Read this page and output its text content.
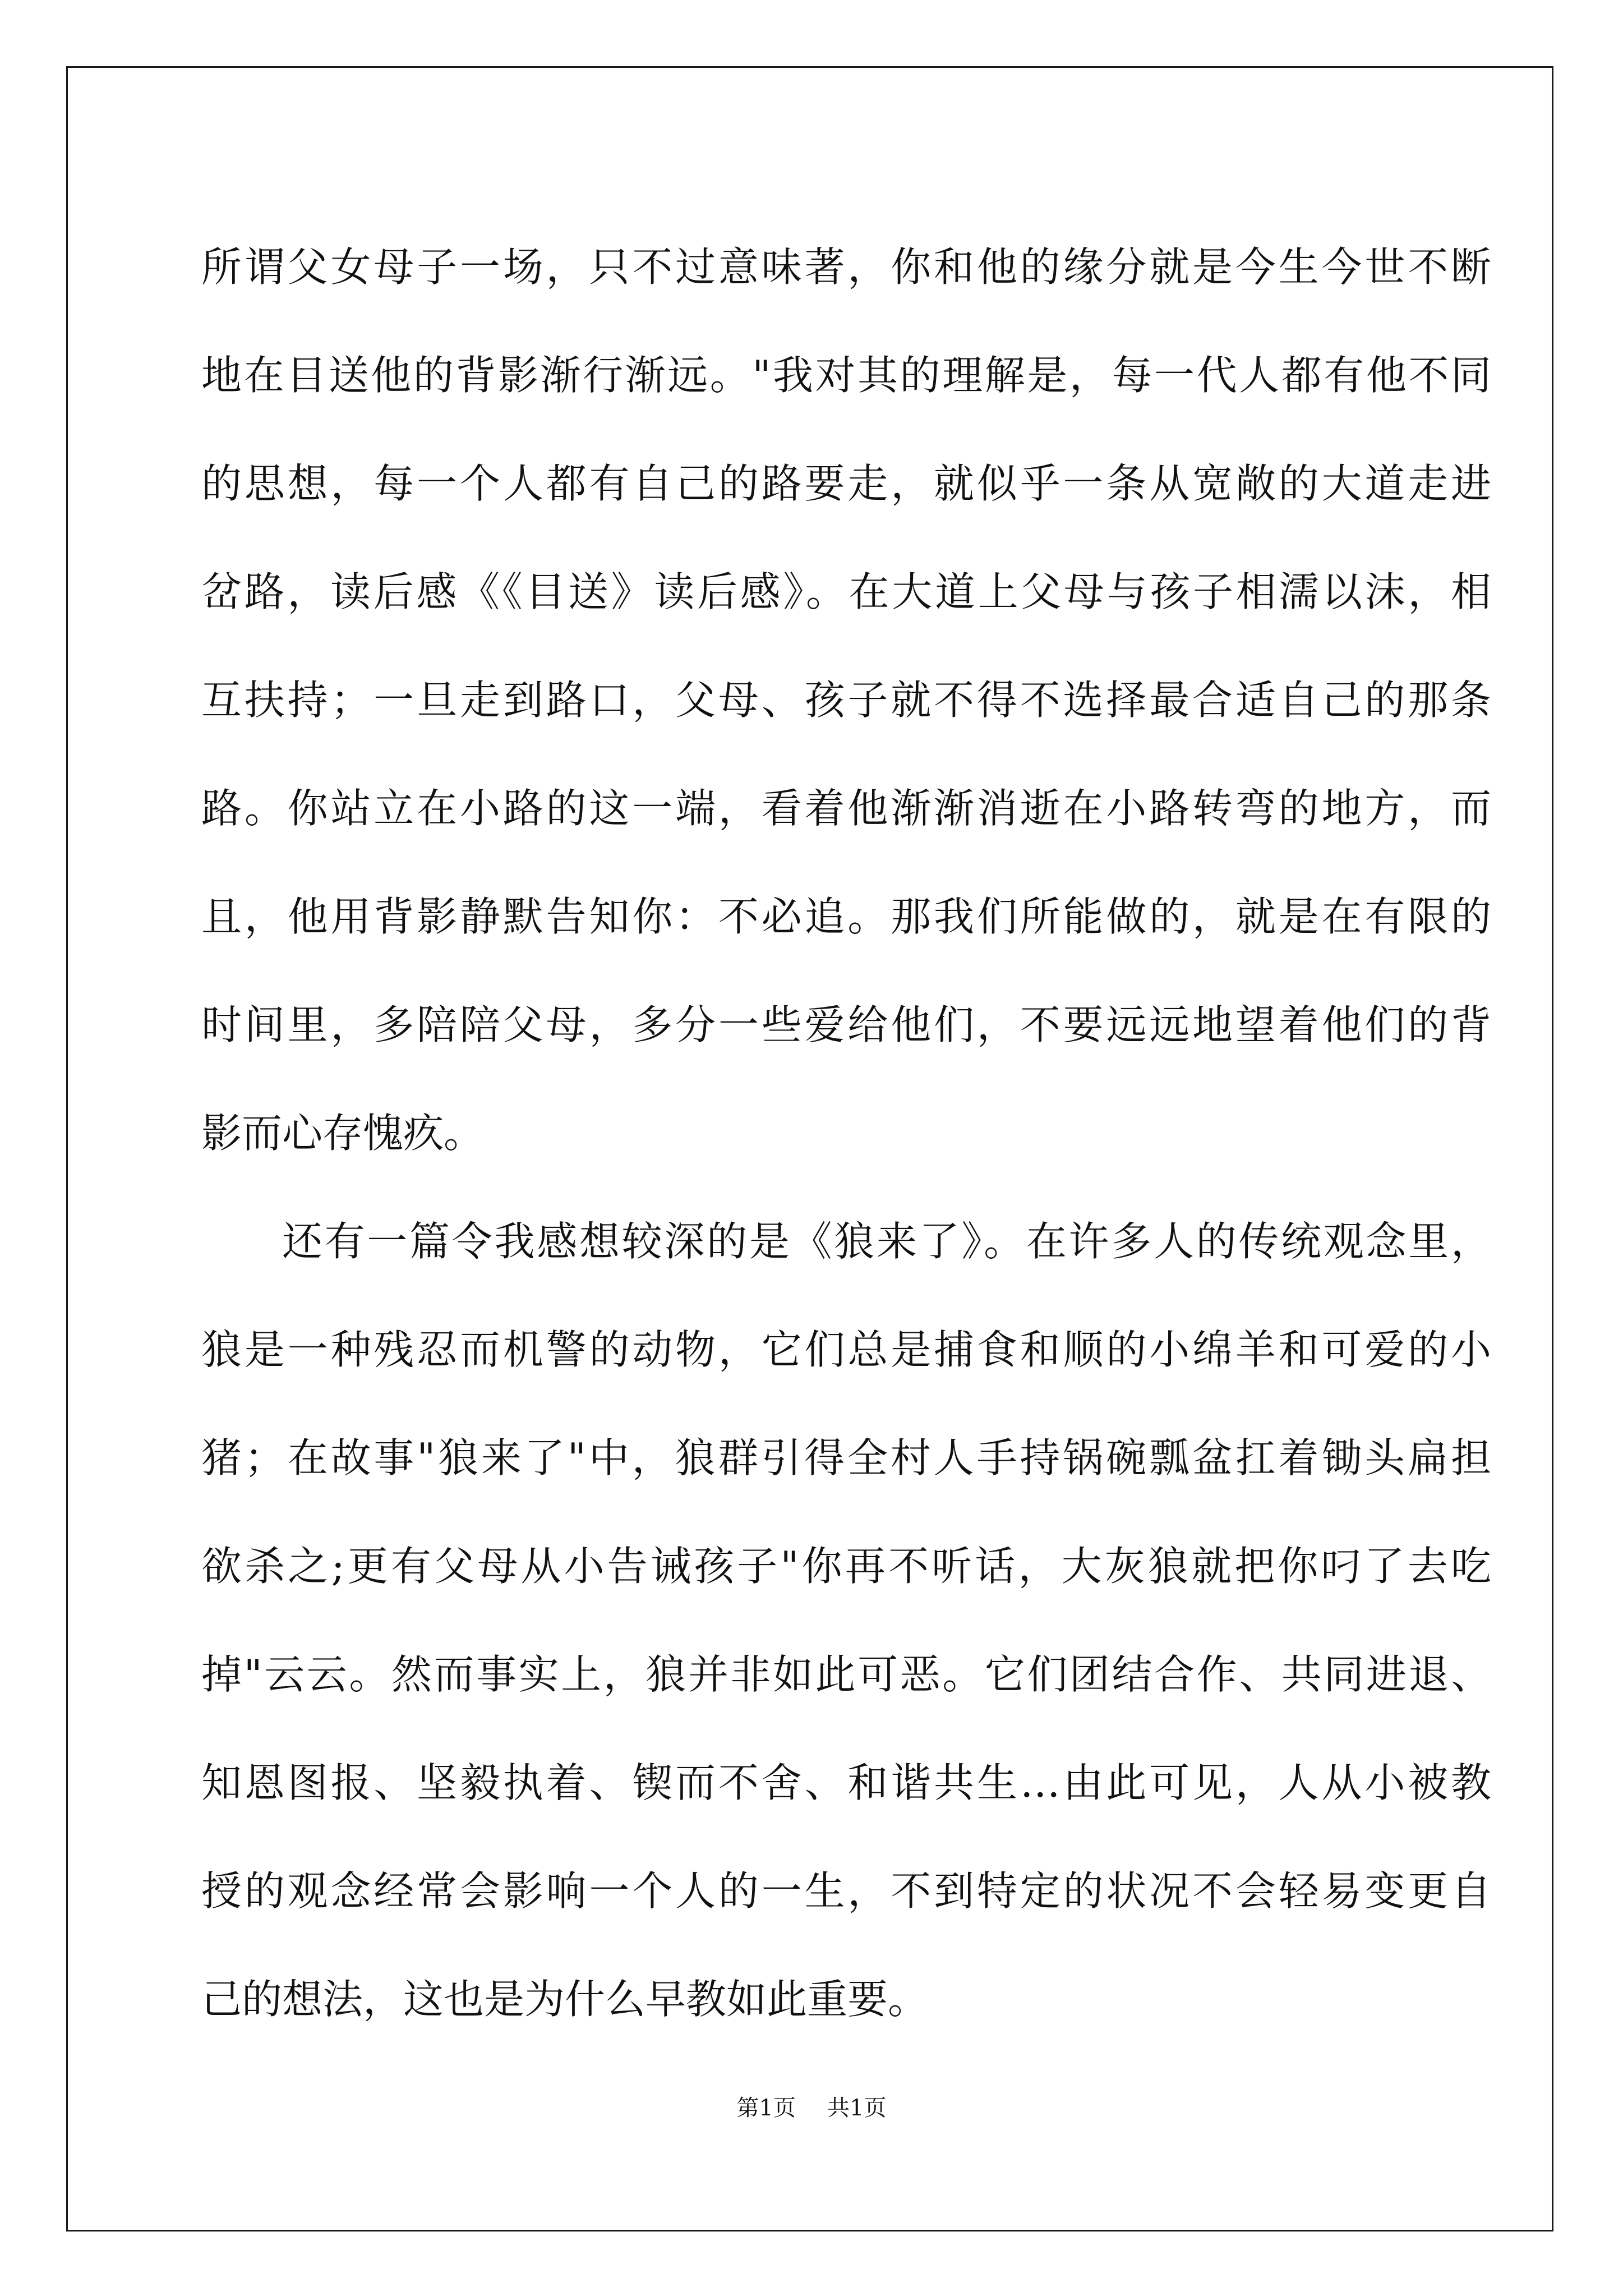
所谓父女母子一场，只不过意味著，你和他的缘分就是今生今世不断
地在目送他的背影渐行渐远。"我对其的理解是，每一代人都有他不同
的思想，每一个人都有自己的路要走，就似乎一条从宽敞的大道走进
岔路，读后感《《目送》读后感》。在大道上父母与孩子相濡以沫，相
互扶持；一旦走到路口，父母、孩子就不得不选择最合适自己的那条
路。你站立在小路的这一端，看着他渐渐消逝在小路转弯的地方，而
且，他用背影静默告知你：不必追。那我们所能做的，就是在有限的
时间里，多陪陪父母，多分一些爱给他们，不要远远地望着他们的背
影而心存愧疚。
还有一篇令我感想较深的是《狼来了》。在许多人的传统观念里，
狼是一种残忍而机警的动物，它们总是捕食和顺的小绵羊和可爱的小
猪；在故事"狼来了"中，狼群引得全村人手持锅碗瓢盆扛着锄头扁担
欲杀之;更有父母从小告诫孩子"你再不听话，大灰狼就把你叼了去吃
掉"云云。然而事实上，狼并非如此可恶。它们团结合作、共同进退、
知恩图报、坚毅执着、锲而不舍、和谐共生…由此可见，人从小被教
授的观念经常会影响一个人的一生，不到特定的状况不会轻易变更自
己的想法，这也是为什么早教如此重要。
第1页 共1页
